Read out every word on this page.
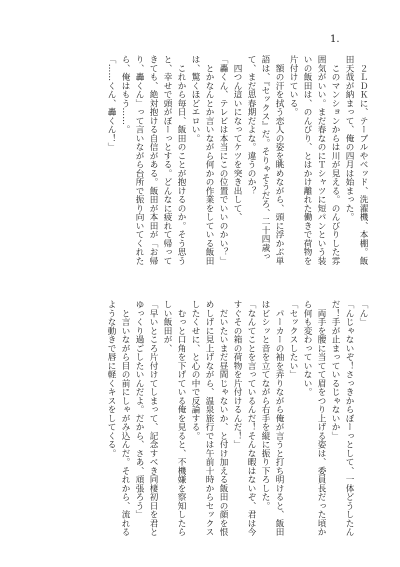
1.

　２ＬＤＫに、テーブルやベッド、洗濯機、本棚。飯田天哉が納まって、俺の四月は始まった。

　このマンションからは川が見える。のんびりした雰囲気がいい。まだ春なのにＴシャツに短パンという装いの飯田は、のんびり、とはかけ離れた働きで荷物を片付けている。

　額の汗を拭う恋人の姿を眺めながら、頭に浮かぶ単語は、『セックス』だ。そりゃそうだろ、二十四歳って、まだ思春期だよな。違うのか？

　四つん這いになってケツを突き出して、

「轟くん、テレビは本当にこの位置でいいのかい？」

　とかなんとか言いながら何かの作業をしている飯田は、驚くほどエロい。

　これから毎日、飯田のことが抱けるのか。そう思うと、幸せで頭がぼーっとする。どんなに疲れて帰ってきても、絶対抱ける自信がある。飯田が本田が「お帰り、轟くん」って言いながら台所で振り向いてくれたら、俺はもう……。

「……くん、轟くん！」

「ん」

「んじゃないぞ！さっきからぼーっとして、一体どうしたんだ！手が止まっているじゃないか」

　両手を腰に当てて眉をつり上げる姿は、委員長だった頃から何も変わっていない。

「セックスしたい」

　パーカーの袖を弄りながら俺が言うと打ち明けると、飯田はビシッと音を立てながら右手を縦に振り下ろした。

「なんてことを言っているんだ！そんな暇はないぞ、君は今すぐその箱の荷物を片付けるんだ！」

　だいたいまだ昼間じゃないか、と付け加える飯田の顔を恨めしげに見上げながら、温泉旅行では午前十時からセックスしたくせに、と心の中で反論する。

　むっと口角を下げている俺を見ると、不機嫌を察知したらしい飯田が、

「早いところ片付けてしまって、記念すべき同棲初日を君とゆっくり過ごしたいんだよ。だから、さあ、頑張ろう」

　と言いながら目の前にしゃがみ込んだ。それから、流れるような動きで唇に軽くキスをしてくる。
